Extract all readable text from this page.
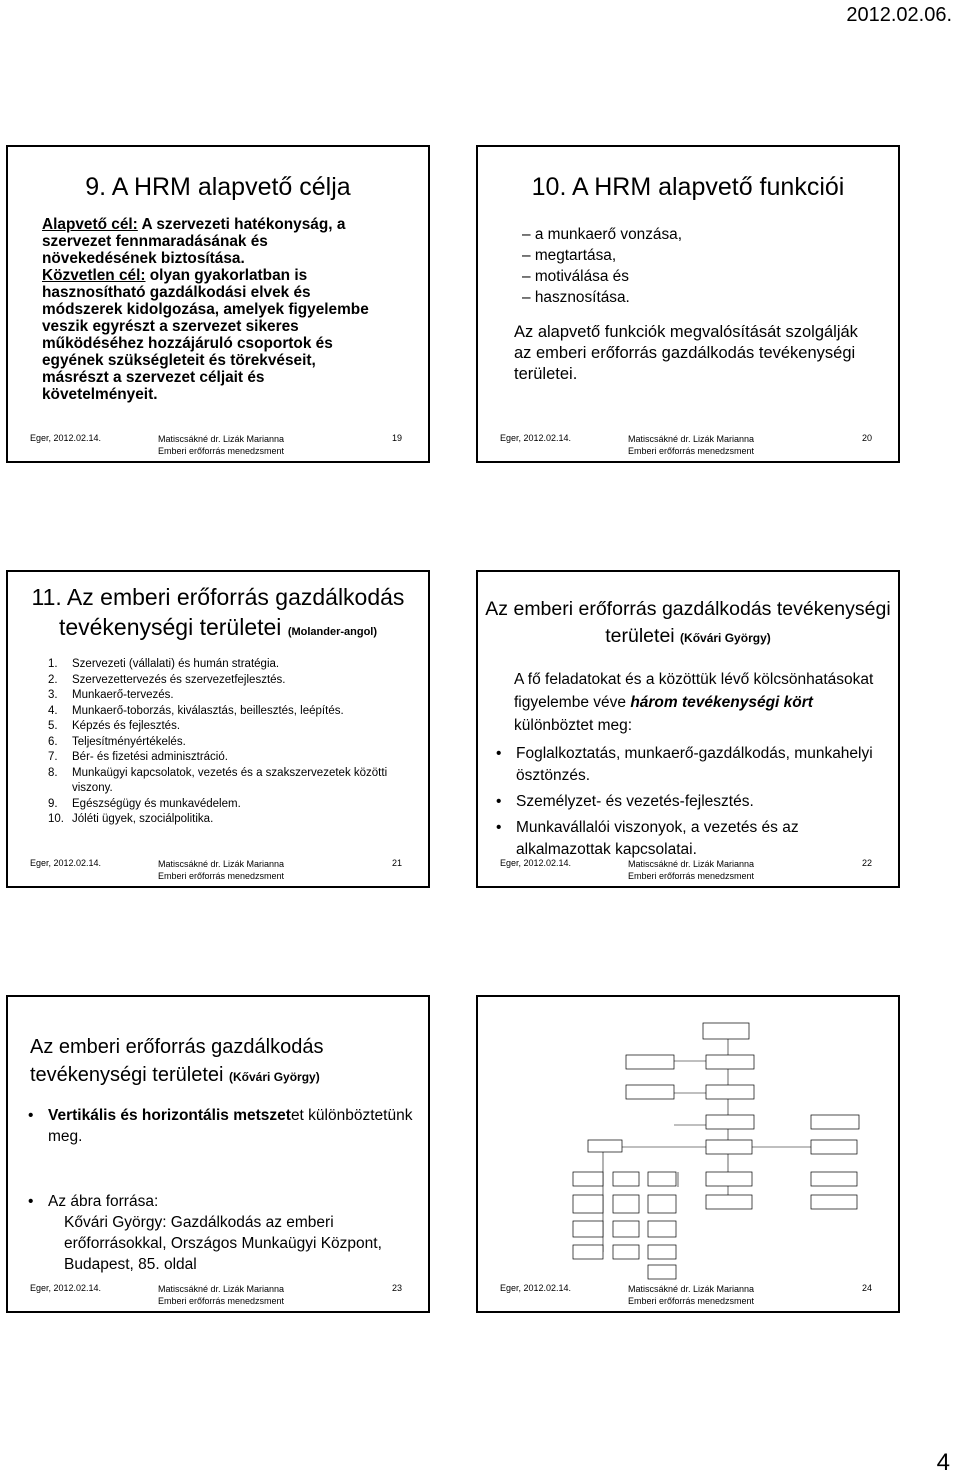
2012.02.06.
9. A HRM alapvető célja

Alapvető cél: A szervezeti hatékonyság, a szervezet fennmaradásának és növekedésének biztosítása.

Közvetlen cél: olyan gyakorlatban is hasznosítható gazdálkodási elvek és módszerek kidolgozása, amelyek figyelembe veszik egyrészt a szervezet sikeres működéséhez hozzájáruló csoportok és egyének szükségleteit és törekvéseit, másrészt a szervezet céljait és követelményeit.

Eger, 2012.02.14.	Matiscsákné dr. Lizák Marianna
Emberi erőforrás menedzsment
19
10. A HRM alapvető funkciói
– a munkaerő vonzása,
– megtartása,
– motiválása és
– hasznosítása.
Az alapvető funkciók megvalósítását szolgálják az emberi erőforrás gazdálkodás tevékenységi területei.
Eger, 2012.02.14.	Matiscsákné dr. Lizák Marianna
Emberi erőforrás menedzsment
20
11. Az emberi erőforrás gazdálkodás tevékenységi területei (Molander-angol)
1.	Szervezeti (vállalati) és humán stratégia.
2.	Szervezettervezés és szervezetfejlesztés.
3.	Munkaerő-tervezés.
4.	Munkaerő-toborzás, kiválasztás, beillesztés, leépítés.
5.	Képzés és fejlesztés.
6.	Teljesítményértékelés.
7.	Bér- és fizetési adminisztráció.
8.	Munkaügyi kapcsolatok, vezetés és a szakszervezetek közötti viszony.
9.	Egészségügy és munkavédelem.
10. Jóléti ügyek, szociálpolitika.
Eger, 2012.02.14.	Matiscsákné dr. Lizák Marianna
Emberi erőforrás menedzsment
21
Az emberi erőforrás gazdálkodás tevékenységi területei (Kővári György)
A fő feladatokat és a közöttük lévő kölcsönhatásokat figyelembe véve három tevékenységi kört különböztet meg:
• Foglalkoztatás, munkaerő-gazdálkodás, munkahelyi ösztönzés.
• Személyzet- és vezetés-fejlesztés.
• Munkavállalói viszonyok, a vezetés és az alkalmazottak kapcsolatai.
Eger, 2012.02.14.	Matiscsákné dr. Lizák Marianna
Emberi erőforrás menedzsment
22
Az emberi erőforrás gazdálkodás tevékenységi területei (Kővári György)
• Vertikális és horizontális metszetet különböztetünk meg.
• Az ábra forrása:
Kővári György: Gazdálkodás az emberi erőforrásokkal, Országos Munkaügyi Központ, Budapest, 85. oldal
Eger, 2012.02.14.	Matiscsákné dr. Lizák Marianna
Emberi erőforrás menedzsment
23	Eger, 2012.02.14.	Matiscsákné dr. Lizák Marianna
Emberi erőforrás menedzsment
24
4
